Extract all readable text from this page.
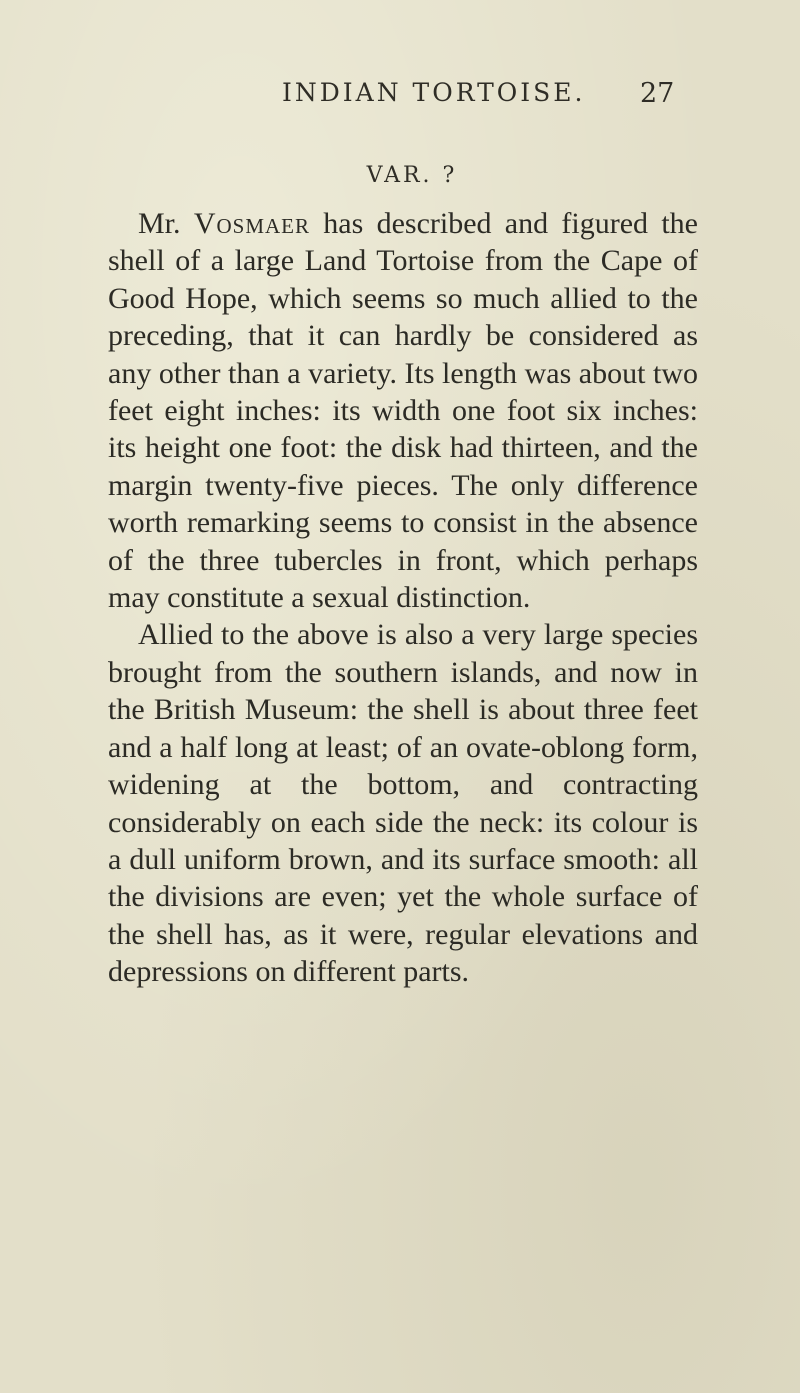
INDIAN TORTOISE. 27
VAR. ?

Mr. Vosmaer has described and figured the shell of a large Land Tortoise from the Cape of Good Hope, which seems so much allied to the preceding, that it can hardly be considered as any other than a variety. Its length was about two feet eight inches: its width one foot six inches: its height one foot: the disk had thirteen, and the margin twenty-five pieces. The only difference worth remarking seems to consist in the absence of the three tubercles in front, which perhaps may constitute a sexual distinction.

Allied to the above is also a very large species brought from the southern islands, and now in the British Museum: the shell is about three feet and a half long at least; of an ovate-oblong form, widening at the bottom, and contracting considerably on each side the neck: its colour is a dull uniform brown, and its surface smooth: all the divisions are even; yet the whole surface of the shell has, as it were, regular elevations and depressions on different parts.
